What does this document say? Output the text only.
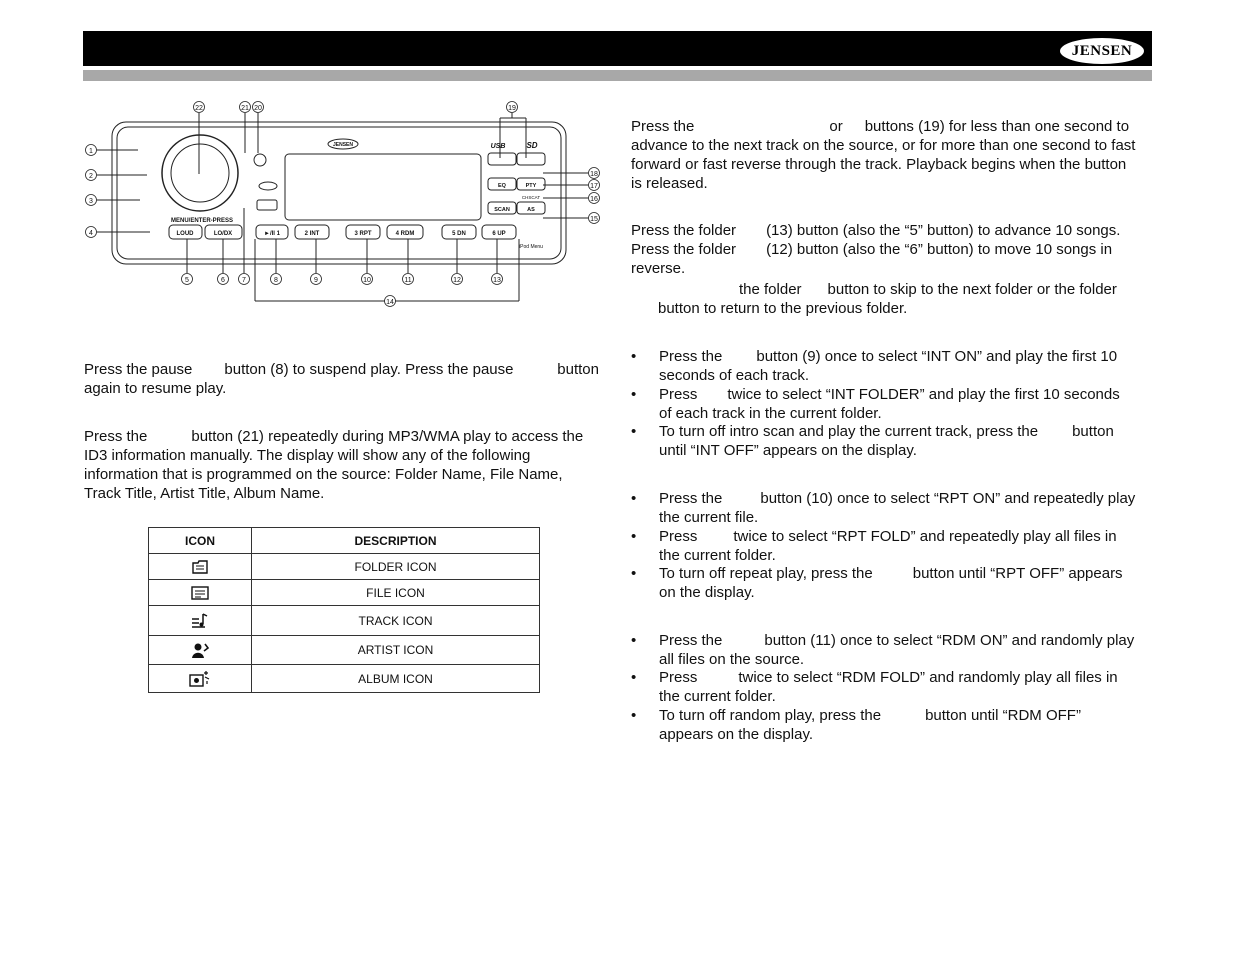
JENSEN
1
2
3
4
5	6 7	8	9	10	11	12	13
14
15
16
17
18
19
20
21
22
JENSEN
MENU/ENTER-PRESS
LOUD	LO/DX	►/II 1	2 INT	3 RPT	4 RDM	5 DN	6 UP
EQ	PTY
SCAN	AS
CHSCAT
iPod Menu
USB	SD
Press the pause button (8) to suspend play. Press the pause	button
again to resume play.
Press the	button (21) repeatedly during MP3/WMA play to access the
ID3 information manually. The display will show any of the following
information that is programmed on the source: Folder Name, File Name,
Track Title, Artist Title, Album Name.
ICON	DESCRIPTION
	FOLDER ICON
	FILE ICON
	TRACK ICON
	ARTIST ICON
	ALBUM ICON
Press the	or buttons (19) for less than one second to
advance to the next track on the source, or for more than one second to fast
forward or fast reverse through the track. Playback begins when the button
is released.
Press the folder (13) button (also the “5” button) to advance 10 songs.
Press the folder (12) button (also the “6” button) to move 10 songs in
reverse.
the folder button to skip to the next folder or the folder
button to return to the previous folder.
• Press the button (9) once to select “INT ON” and play the first 10
seconds of each track.
• Press twice to select “INT FOLDER” and play the first 10 seconds
of each track in the current folder.
• To turn off intro scan and play the current track, press the button
until “INT OFF” appears on the display.
• Press the	button (10) once to select “RPT ON” and repeatedly play
the current file.
• Press twice to select “RPT FOLD” and repeatedly play all files in
the current folder.
• To turn off repeat play, press the	button until “RPT OFF” appears
on the display.
• Press the	button (11) once to select “RDM ON” and randomly play
all files on the source.
• Press	twice to select “RDM FOLD” and randomly play all files in
the current folder.
• To turn off random play, press the	button until “RDM OFF”
appears on the display.
